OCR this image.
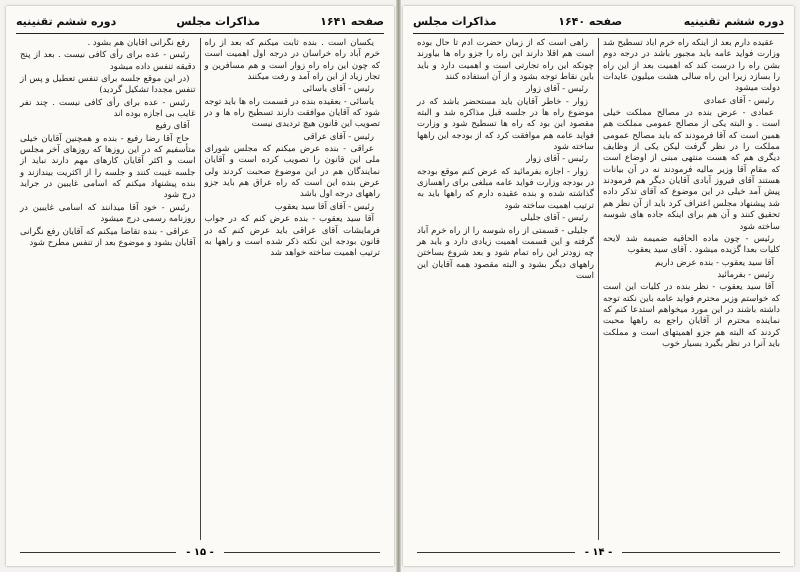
صفحه ۱۶۴۱
مذاکرات مجلس
دوره ششم تقنینیه

یکسان است . بنده ثابت میکنم که بعد از راه خرم آباد راه خراسان در درجه اول اهمیت است که چون این راه راه زوار است و هم مسافرین و تجار زیاد از این راه آمد و رفت میکنند

رئیس - آقای یاسائی

یاسائی - بعقیده بنده در قسمت راه ها باید توجه شود که آقایان موافقت دارند تسطیح راه ها و در تصویب این قانون هیچ تردیدی نیست

رئیس - آقای عراقی

عراقی - بنده عرض میکنم که مجلس شورای ملی این قانون را تصویب کرده است و آقایان نمایندگان هم در این موضوع صحبت کردند ولی عرض بنده این است که راه عراق هم باید جزو راههای درجه اول باشد

رئیس - آقای آقا سید یعقوب

آقا سید یعقوب - بنده عرض کنم که در جواب فرمایشات آقای عراقی باید عرض کنم که در قانون بودجه این نکته ذکر شده است و راهها به ترتیب اهمیت ساخته خواهد شد

رفع نگرانی آقایان هم بشود .

رئیس - عده برای رأی کافی نیست . بعد از پنج دقیقه تنفس داده میشود

(در این موقع جلسه برای تنفس تعطیل و پس از تنفس مجددا تشکیل گردید)

رئیس - عده برای رأی کافی نیست . چند نفر غایب بی اجازه بوده اند

آقای رفیع

حاج آقا رضا رفیع - بنده و همچنین آقایان خیلی متأسفیم که در این روزها که روزهای آخر مجلس است و اکثر آقایان کارهای مهم دارند نباید از جلسه غیبت کنند و جلسه را از اکثریت بیندازند و بنده پیشنهاد میکنم که اسامی غایبین در جراید درج شود

رئیس - خود آقا میدانند که اسامی غایبین در روزنامه رسمی درج میشود

عراقی - بنده تقاضا میکنم که آقایان رفع نگرانی آقایان بشود و موضوع بعد از تنفس مطرح شود

- ۱۵ -
دوره ششم تقنینیه
صفحه ۱۶۴۰
مذاکرات مجلس

عقیده دارم بعد از اینکه راه خرم آباد تسطیح شد وزارت فواید عامه باید مجبور باشد در درجه دوم بشن راه را درست کند که اهمیت بعد از این راه را بسازد زیرا این راه سالی هشت میلیون عایدات دولت میشود

رئیس - آقای عمادی

عمادی - عرض بنده در مصالح مملکت خیلی است . و البته یکی از مصالح عمومی مملکت هم همین است که آقا فرمودند که باید مصالح عمومی مملکت را در نظر گرفت لیکن یکی از وظایف دیگری هم که هست منتهی مبنی از اوضاع است که مقام آقا وزیر مالیه فرمودند نه در آن بیانات هستند آقای فیروز آبادی آقایان دیگر هم فرمودند پیش آمد خیلی در این موضوع که آقای تذکر داده شد پیشنهاد مجلس اعتراف کرد باید از آن نظر هم تحقیق کنند و آن هم برای اینکه جاده های شوسه ساخته شود

رئیس - چون ماده الحاقیه ضمیمه شد لایحه کلیات بعدا گزیده میشود . آقای سید یعقوب

آقا سید یعقوب - بنده عرض داریم

رئیس - بفرمائید

آقا سید یعقوب - نظر بنده در کلیات این است که خواستم وزیر محترم فواید عامه باین نکته توجه داشته باشند در این مورد میخواهم استدعا کنم که نماینده محترم از آقایان راجع به راهها محبت کردند که البته هم جزو اهمیتهای است و مملکت باید آنرا در نظر بگیرد بسیار خوب

راهی است که از زمان حضرت آدم تا حال بوده است هم اقلا دارند این راه را جزو راه ها بیاورند چونکه این راه تجارتی است و اهمیت دارد و باید باین نقاط توجه بشود و از آن استفاده کنند

رئیس - آقای زوار

زوار - خاطر آقایان باید مستحضر باشد که در موضوع راه ها در جلسه قبل مذاکره شد و البته مقصود این بود که راه ها تسطیح شود و وزارت فواید عامه هم موافقت کرد که از بودجه این راهها ساخته شود

رئیس - آقای زوار

زوار - اجازه بفرمائید که عرض کنم موقع بودجه در بودجه وزارت فواید عامه مبلغی برای راهسازی گذاشته شده و بنده عقیده دارم که راهها باید به ترتیب اهمیت ساخته شود

رئیس - آقای جلیلی

جلیلی - قسمتی از راه شوسه را از راه خرم آباد گرفته و این قسمت اهمیت زیادی دارد و باید هر چه زودتر این راه تمام شود و بعد شروع بساختن راههای دیگر بشود و البته مقصود همه آقایان این است

- ۱۴ -
